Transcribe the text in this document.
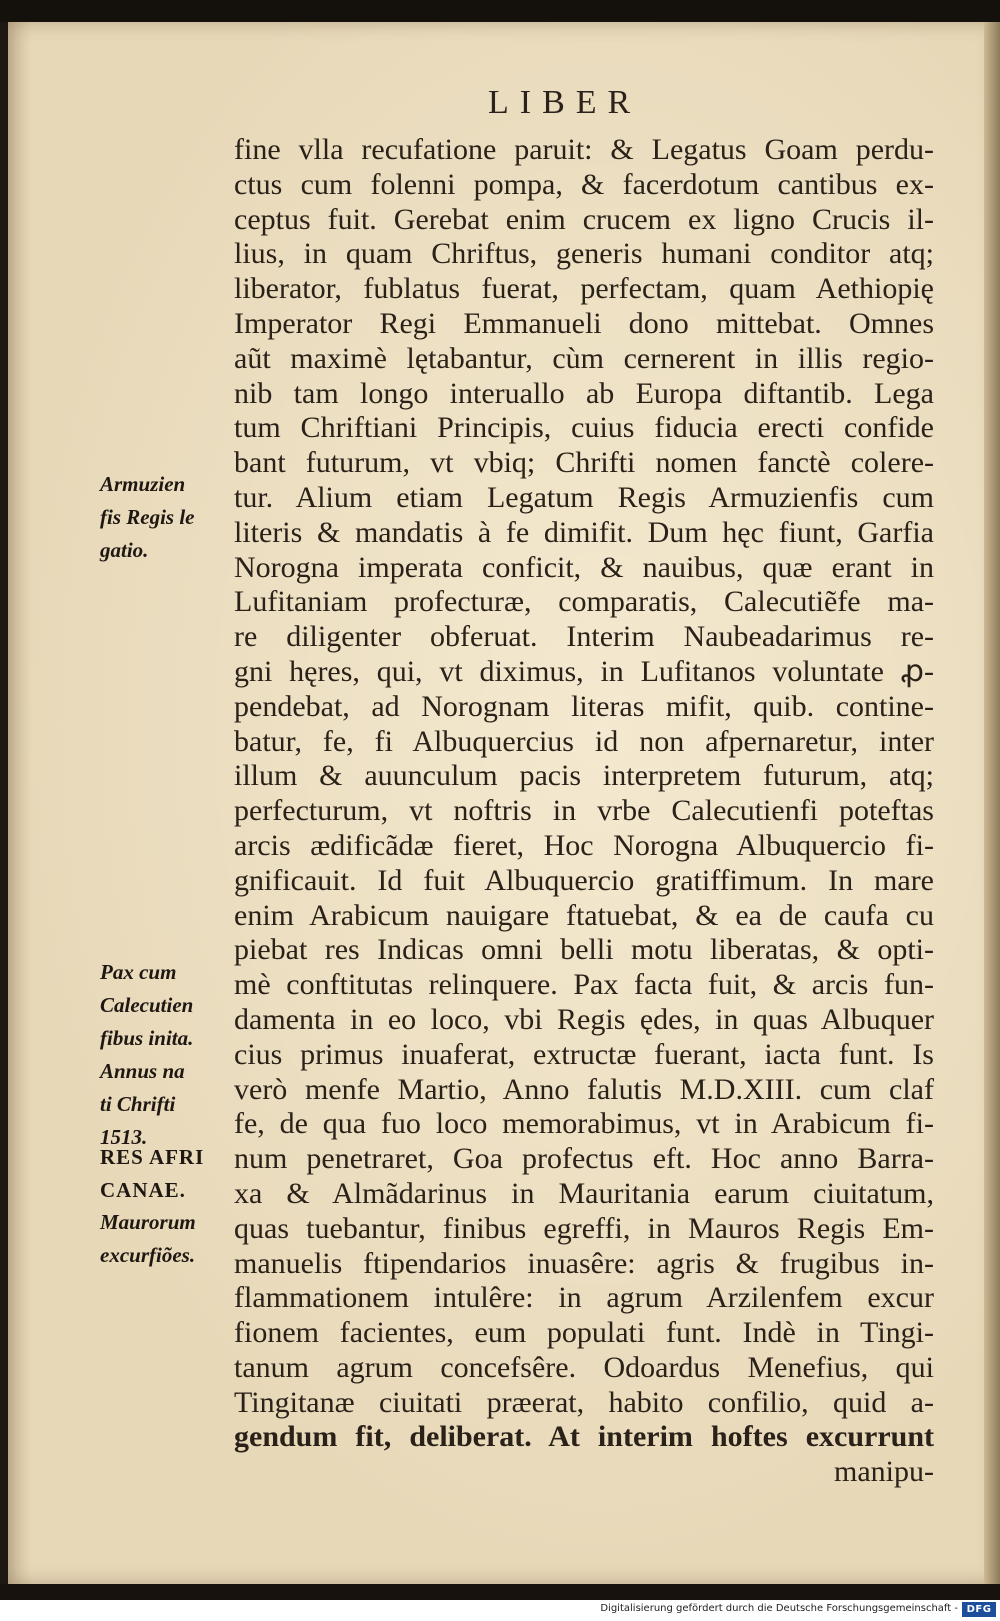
LIBER
fine vlla recufatione paruit: & Legatus Goam perdu-
ctus cum folenni pompa, & facerdotum cantibus ex-
ceptus fuit. Gerebat enim crucem ex ligno Crucis il-
lius, in quam Chriftus, generis humani conditor atq;
liberator, fublatus fuerat, perfectam, quam Aethiopię
Imperator Regi Emmanueli dono mittebat. Omnes
aũt maximè lętabantur, cùm cernerent in illis regio-
nib tam longo interuallo ab Europa diftantib. Lega
tum Chriftiani Principis, cuius fiducia erecti confide
bant futurum, vt vbiq; Chrifti nomen fanctè colere-
tur. Alium etiam Legatum Regis Armuzienfis cum
literis & mandatis à fe dimifit. Dum hęc fiunt, Garfia
Norogna imperata conficit, & nauibus, quæ erant in
Lufitaniam profecturæ, comparatis, Calecutiẽfe ma-
re diligenter obferuat. Interim Naubeadarimus re-
gni hęres, qui, vt diximus, in Lufitanos voluntate ꝓ-
pendebat, ad Norognam literas mifit, quib. contine-
batur, fe, fi Albuquercius id non afpernaretur, inter
illum & auunculum pacis interpretem futurum, atq;
perfecturum, vt noftris in vrbe Calecutienfi poteftas
arcis ædificãdæ fieret, Hoc Norogna Albuquercio fi-
gnificauit. Id fuit Albuquercio gratiffimum. In mare
enim Arabicum nauigare ftatuebat, & ea de caufa cu
piebat res Indicas omni belli motu liberatas, & opti-
mè conftitutas relinquere. Pax facta fuit, & arcis fun-
damenta in eo loco, vbi Regis ędes, in quas Albuquer
cius primus inuaferat, extructæ fuerant, iacta funt. Is
verò menfe Martio, Anno falutis M.D.XIII. cum claf
fe, de qua fuo loco memorabimus, vt in Arabicum fi-
num penetraret, Goa profectus eft. Hoc anno Barra-
xa & Almãdarinus in Mauritania earum ciuitatum,
quas tuebantur, finibus egreffi, in Mauros Regis Em-
manuelis ftipendarios inuasêre: agris & frugibus in-
flammationem intulêre: in agrum Arzilenfem excur
fionem facientes, eum populati funt. Indè in Tingi-
tanum agrum concefsêre. Odoardus Menefius, qui
Tingitanæ ciuitati præerat, habito confilio, quid a-
gendum fit, deliberat. At interim hoftes excurrunt
manipu-
Armuzien
fis Regis le
gatio.
Pax cum
Calecutien
fibus inita.
Annus na
ti Chrifti
1513.
RES AFRI
CANAE.
Maurorum
excurfiões.
Digitalisierung gefördert durch die Deutsche Forschungsgemeinschaft - DFG
